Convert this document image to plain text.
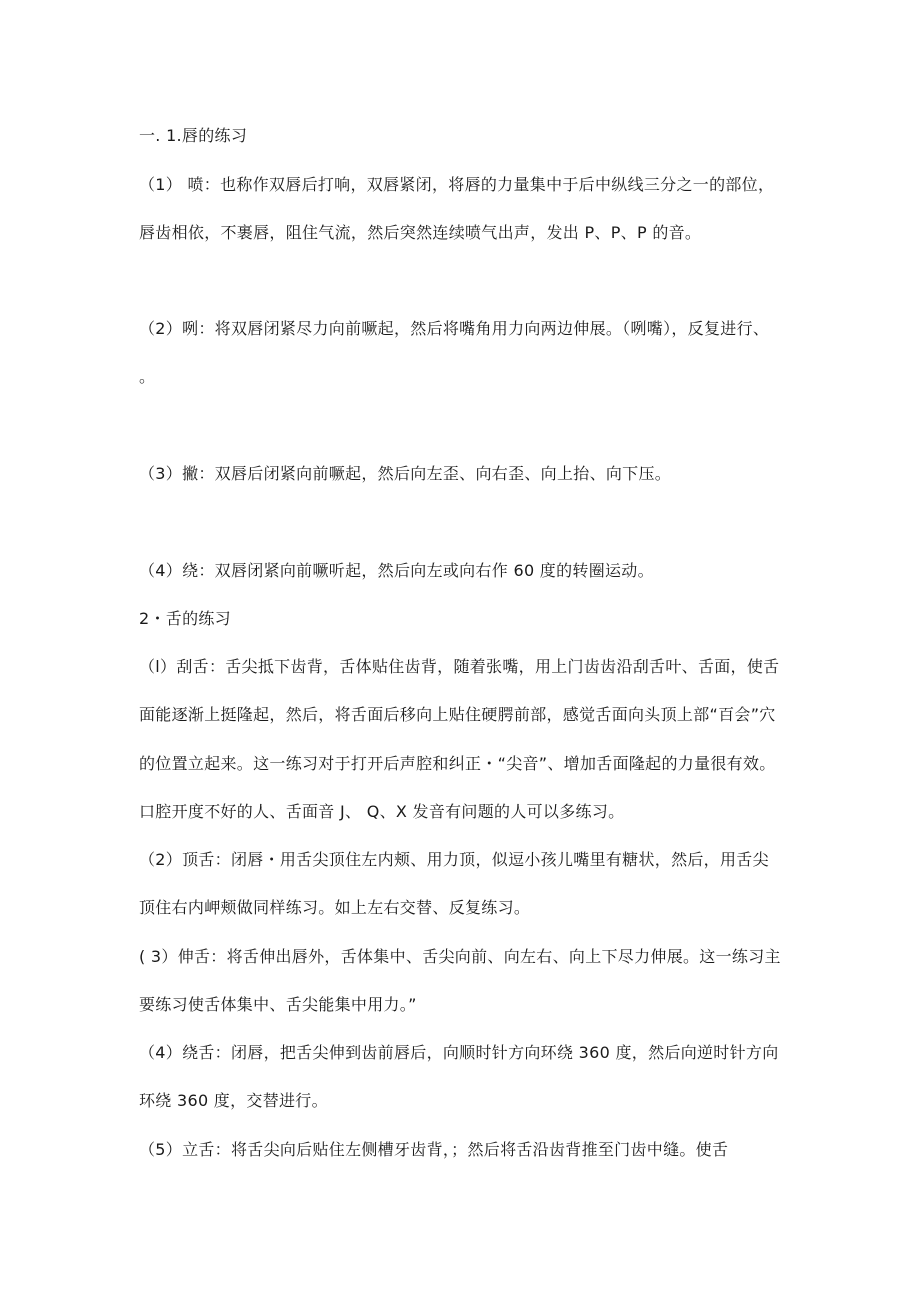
一. 1.唇的练习
（1） 喷：也称作双唇后打响，双唇紧闭，将唇的力量集中于后中纵线三分之一的部位，
唇齿相依，不裹唇，阻住气流，然后突然连续喷气出声，发出 P、P、P 的音。
（2）咧：将双唇闭紧尽力向前噘起，然后将嘴角用力向两边伸展。（咧嘴），反复进行、
。
（3）撇：双唇后闭紧向前噘起，然后向左歪、向右歪、向上抬、向下压。
（4）绕：双唇闭紧向前噘听起，然后向左或向右作 60 度的转圈运动。
2・舌的练习
（l）刮舌：舌尖抵下齿背，舌体贴住齿背，随着张嘴，用上门齿齿沿刮舌叶、舌面，使舌
面能逐渐上挺隆起，然后，将舌面后移向上贴住硬腭前部，感觉舌面向头顶上部“百会”穴
的位置立起来。这一练习对于打开后声腔和纠正・“尖音”、增加舌面隆起的力量很有效。
口腔开度不好的人、舌面音 J、 Q、X 发音有问题的人可以多练习。
（2）顶舌：闭唇・用舌尖顶住左内颊、用力顶，似逗小孩儿嘴里有糖状，然后，用舌尖
顶住右内岬颊做同样练习。如上左右交替、反复练习。
( 3）伸舌：将舌伸出唇外，舌体集中、舌尖向前、向左右、向上下尽力伸展。这一练习主
要练习使舌体集中、舌尖能集中用力。”
（4）绕舌：闭唇，把舌尖伸到齿前唇后，向顺时针方向环绕 360 度，然后向逆时针方向
环绕 360 度，交替进行。
（5）立舌：将舌尖向后贴住左侧槽牙齿背，；然后将舌沿齿背推至门齿中缝。使舌
